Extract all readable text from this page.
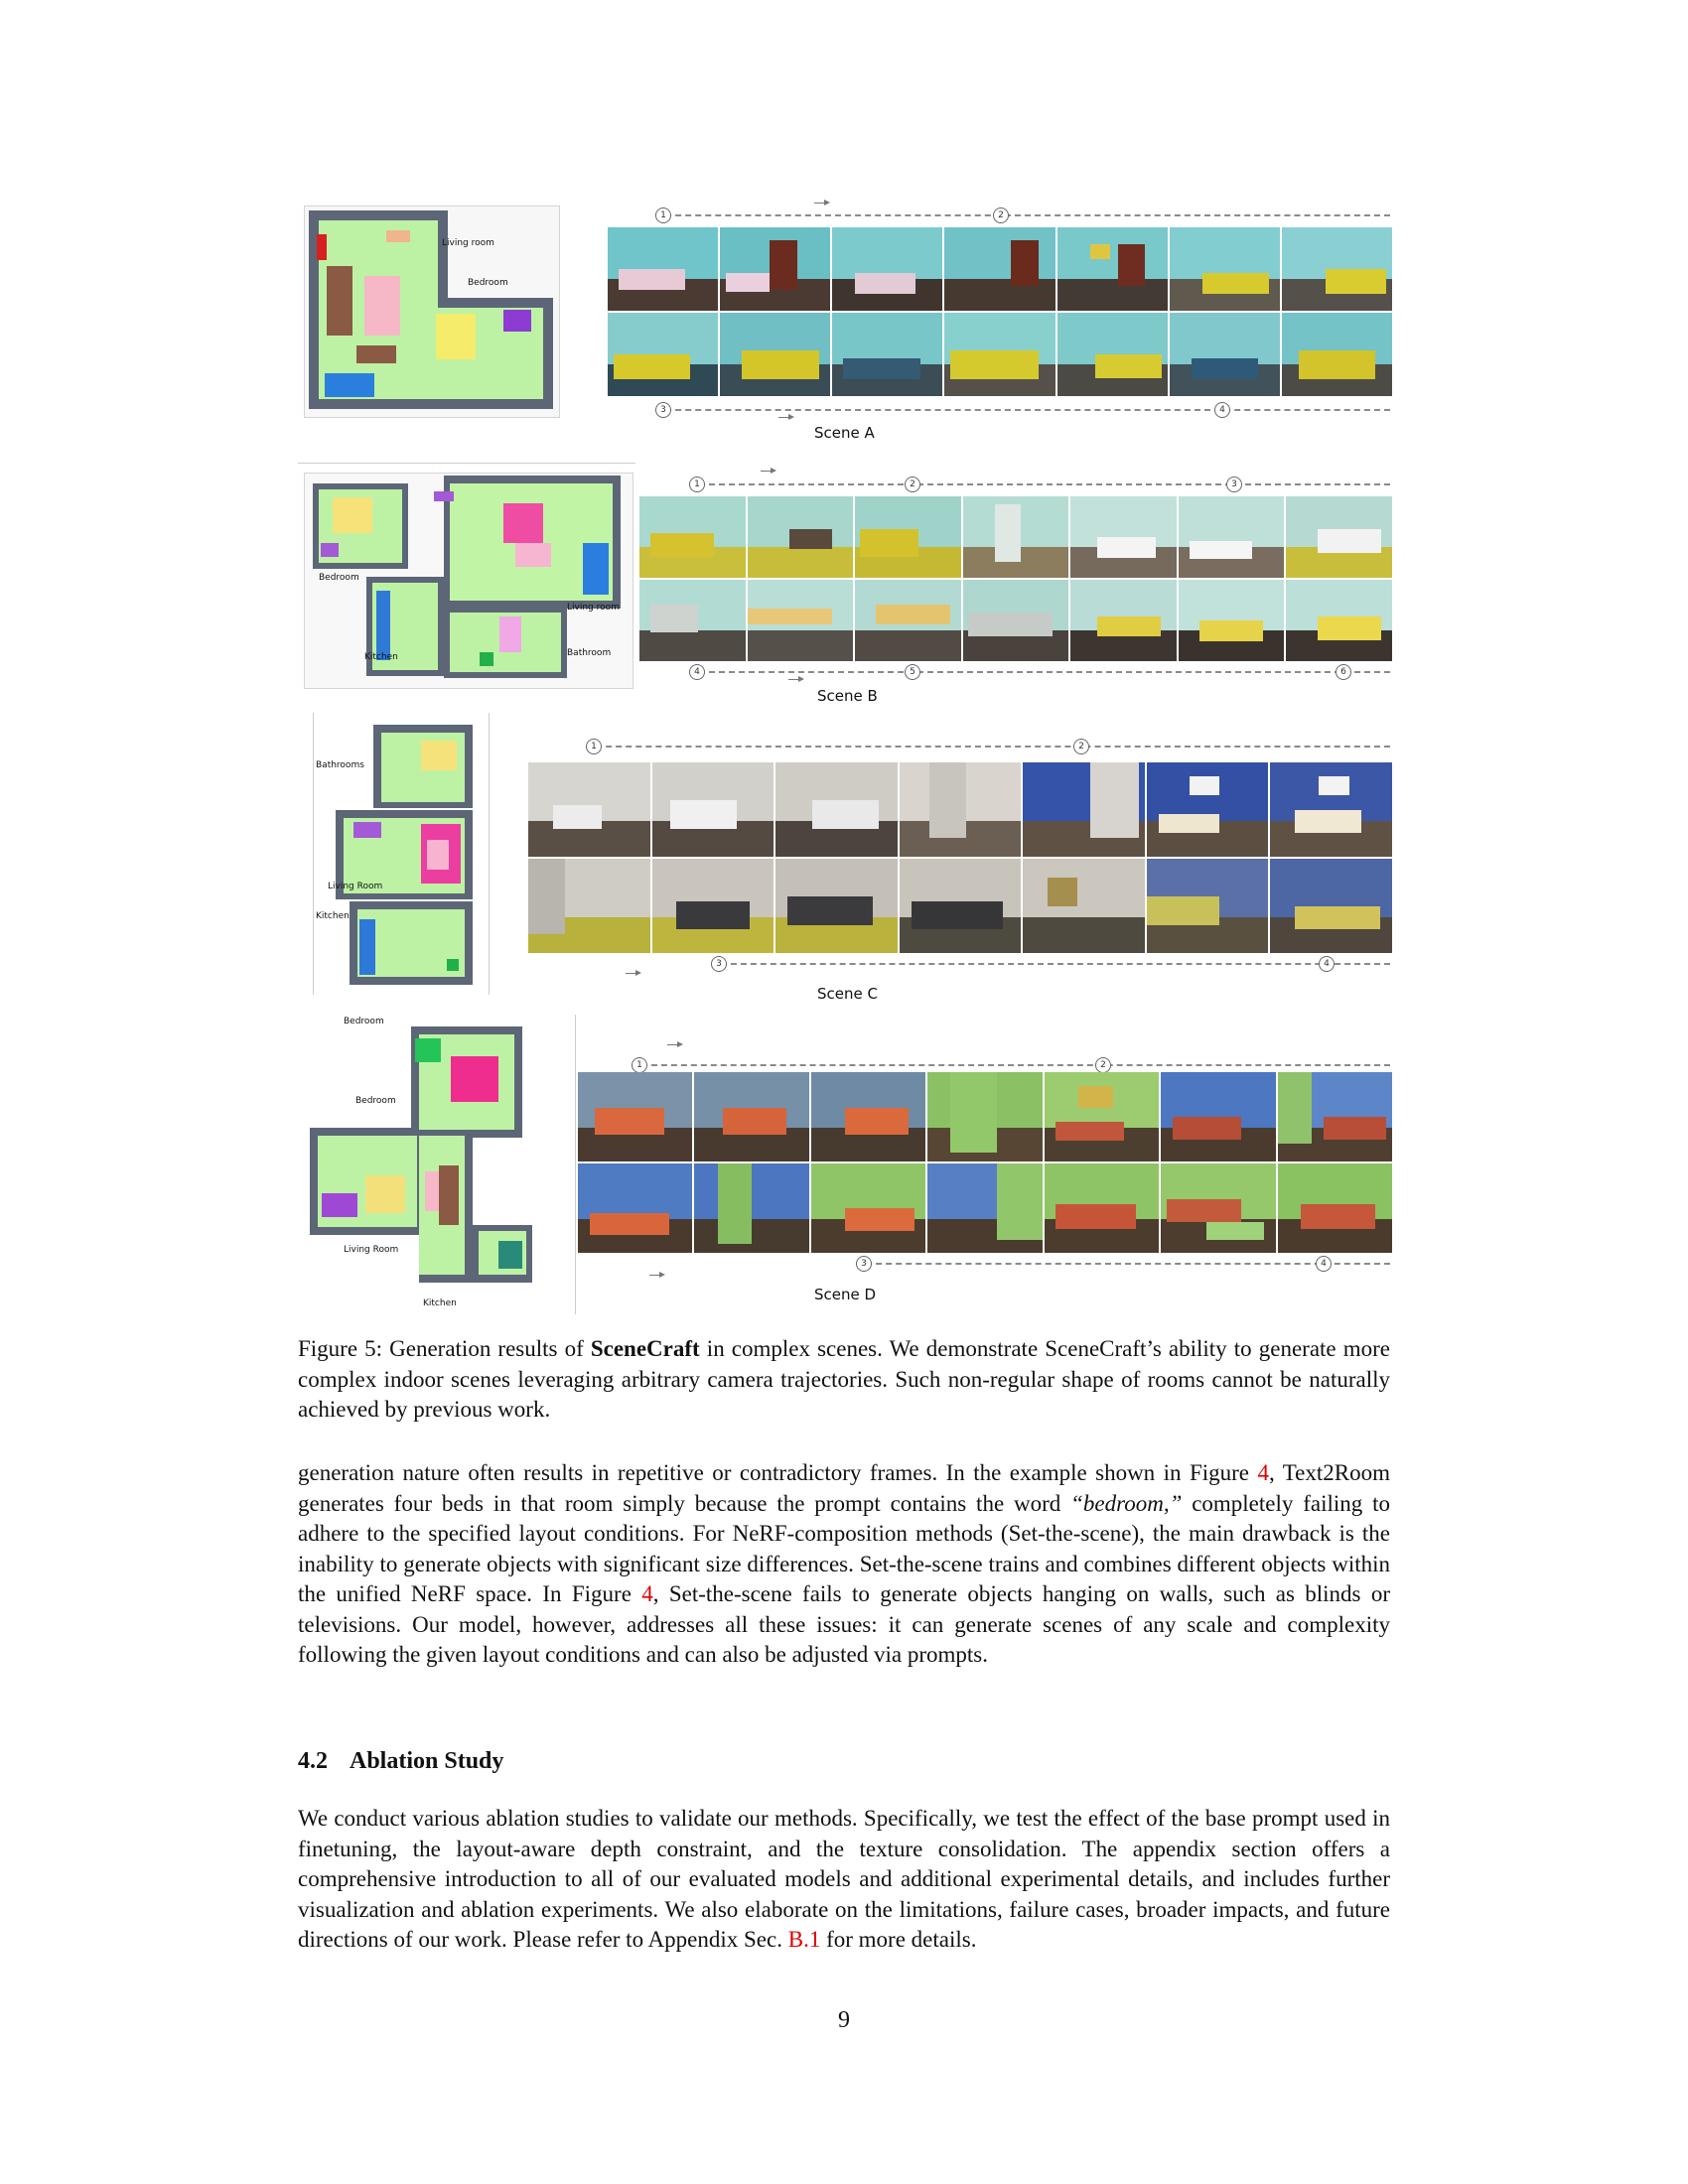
Living room
Bedroom
1	2
3	4
Scene A
Bedroom
Living room
Kitchen	Bathroom
1	2	3
4	5	6
Scene B
Bathrooms
Living Room
Kitchen
1	2
3	4
Scene C
Bedroom
Bedroom
Living Room
Kitchen
1	2
3	4
Scene D

Figure 5: Generation results of SceneCraft in complex scenes. We demonstrate SceneCraft’s ability to generate more complex indoor scenes leveraging arbitrary camera trajectories. Such non-regular shape of rooms cannot be naturally achieved by previous work.

generation nature often results in repetitive or contradictory frames. In the example shown in Figure 4, Text2Room generates four beds in that room simply because the prompt contains the word “bedroom,” completely failing to adhere to the specified layout conditions. For NeRF-composition methods (Set-the-scene), the main drawback is the inability to generate objects with significant size differences. Set-the-scene trains and combines different objects within the unified NeRF space. In Figure 4, Set-the-scene fails to generate objects hanging on walls, such as blinds or televisions. Our model, however, addresses all these issues: it can generate scenes of any scale and complexity following the given layout conditions and can also be adjusted via prompts.

4.2 Ablation Study

We conduct various ablation studies to validate our methods. Specifically, we test the effect of the base prompt used in finetuning, the layout-aware depth constraint, and the texture consolidation. The appendix section offers a comprehensive introduction to all of our evaluated models and additional experimental details, and includes further visualization and ablation experiments. We also elaborate on the limitations, failure cases, broader impacts, and future directions of our work. Please refer to Appendix Sec. B.1 for more details.

9
